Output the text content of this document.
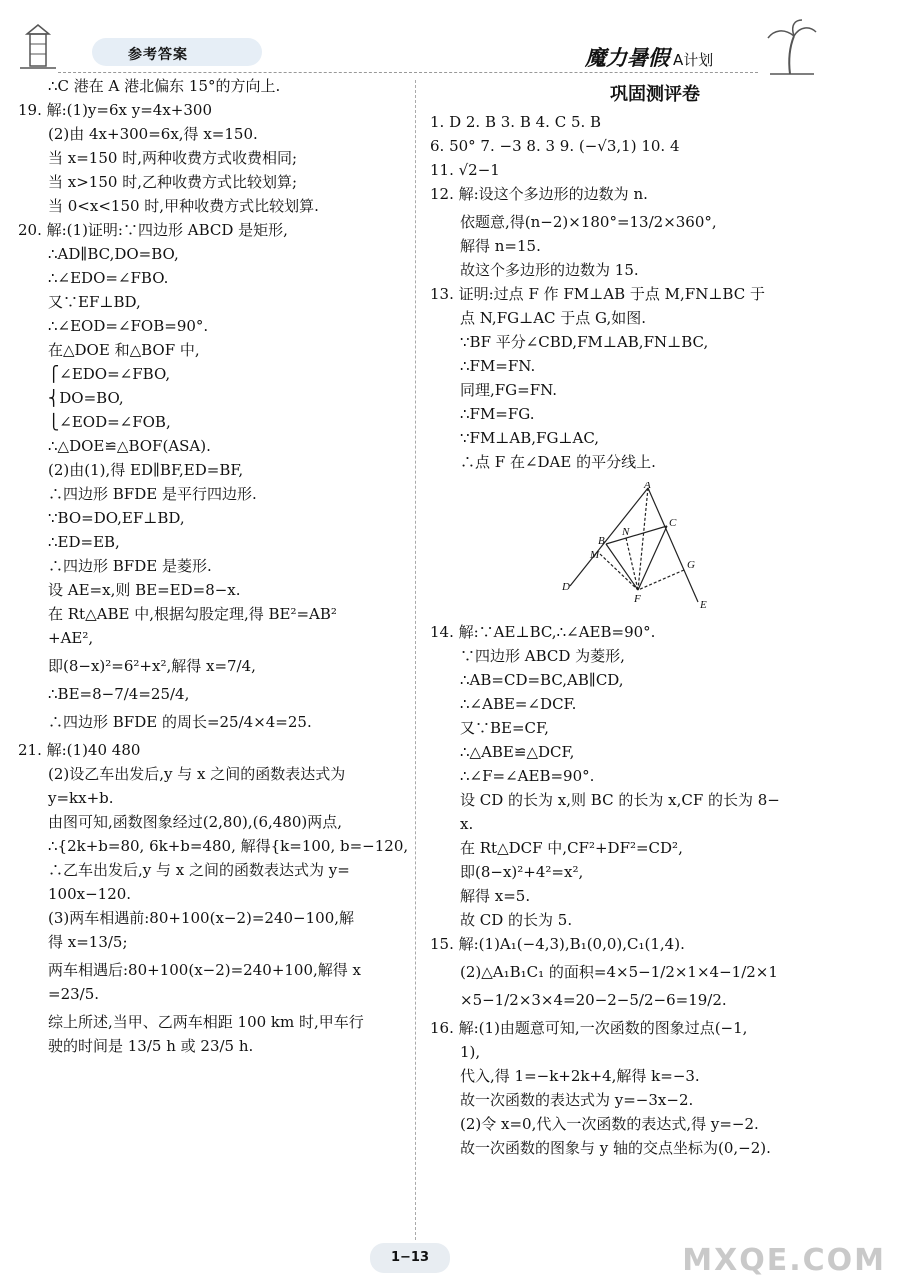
参考答案	魔力暑假 A计划
∴C 港在 A 港北偏东 15°的方向上.
19. 解:(1)y=6x y=4x+300
(2)由 4x+300=6x,得 x=150.
当 x=150 时,两种收费方式收费相同;
当 x>150 时,乙种收费方式比较划算;
当 0<x<150 时,甲种收费方式比较划算.
20. 解:(1)证明:∵四边形 ABCD 是矩形,
∴AD∥BC,DO=BO,
∴∠EDO=∠FBO.
又∵EF⊥BD,
∴∠EOD=∠FOB=90°.
在△DOE 和△BOF 中,
⎧∠EDO=∠FBO,
⎨DO=BO,
⎩∠EOD=∠FOB,
∴△DOE≌△BOF(ASA).
(2)由(1),得 ED∥BF,ED=BF,
∴四边形 BFDE 是平行四边形.
∵BO=DO,EF⊥BD,
∴ED=EB,
∴四边形 BFDE 是菱形.
设 AE=x,则 BE=ED=8−x.
在 Rt△ABE 中,根据勾股定理,得 BE²=AB²
+AE²,
即(8−x)²=6²+x²,解得 x=7/4,
∴BE=8−7/4=25/4,
∴四边形 BFDE 的周长=25/4×4=25.
21. 解:(1)40 480
(2)设乙车出发后,y 与 x 之间的函数表达式为
y=kx+b.
由图可知,函数图象经过(2,80),(6,480)两点,
∴{2k+b=80, 6k+b=480, 解得{k=100, b=−120,
∴乙车出发后,y 与 x 之间的函数表达式为 y=
100x−120.
(3)两车相遇前:80+100(x−2)=240−100,解
得 x=13/5;
两车相遇后:80+100(x−2)=240+100,解得 x
=23/5.
综上所述,当甲、乙两车相距 100 km 时,甲车行
驶的时间是 13/5 h 或 23/5 h.
巩固测评卷
1. D 2. B 3. B 4. C 5. B
6. 50° 7. −3 8. 3 9. (−√3,1) 10. 4
11. √2−1
12. 解:设这个多边形的边数为 n.
依题意,得(n−2)×180°=13/2×360°,
解得 n=15.
故这个多边形的边数为 15.
13. 证明:过点 F 作 FM⊥AB 于点 M,FN⊥BC 于
点 N,FG⊥AC 于点 G,如图.
∵BF 平分∠CBD,FM⊥AB,FN⊥BC,
∴FM=FN.
同理,FG=FN.
∴FM=FG.
∵FM⊥AB,FG⊥AC,
∴点 F 在∠DAE 的平分线上.
A
B
C
N
M
G
D
F	E
14. 解:∵AE⊥BC,∴∠AEB=90°.
∵四边形 ABCD 为菱形,
∴AB=CD=BC,AB∥CD,
∴∠ABE=∠DCF.
又∵BE=CF,
∴△ABE≌△DCF,
∴∠F=∠AEB=90°.
设 CD 的长为 x,则 BC 的长为 x,CF 的长为 8−
x.
在 Rt△DCF 中,CF²+DF²=CD²,
即(8−x)²+4²=x²,
解得 x=5.
故 CD 的长为 5.
15. 解:(1)A₁(−4,3),B₁(0,0),C₁(1,4).
(2)△A₁B₁C₁ 的面积=4×5−1/2×1×4−1/2×1
×5−1/2×3×4=20−2−5/2−6=19/2.
16. 解:(1)由题意可知,一次函数的图象过点(−1,
1),
代入,得 1=−k+2k+4,解得 k=−3.
故一次函数的表达式为 y=−3x−2.
(2)令 x=0,代入一次函数的表达式,得 y=−2.
故一次函数的图象与 y 轴的交点坐标为(0,−2).
1−13	MXQE.COM
